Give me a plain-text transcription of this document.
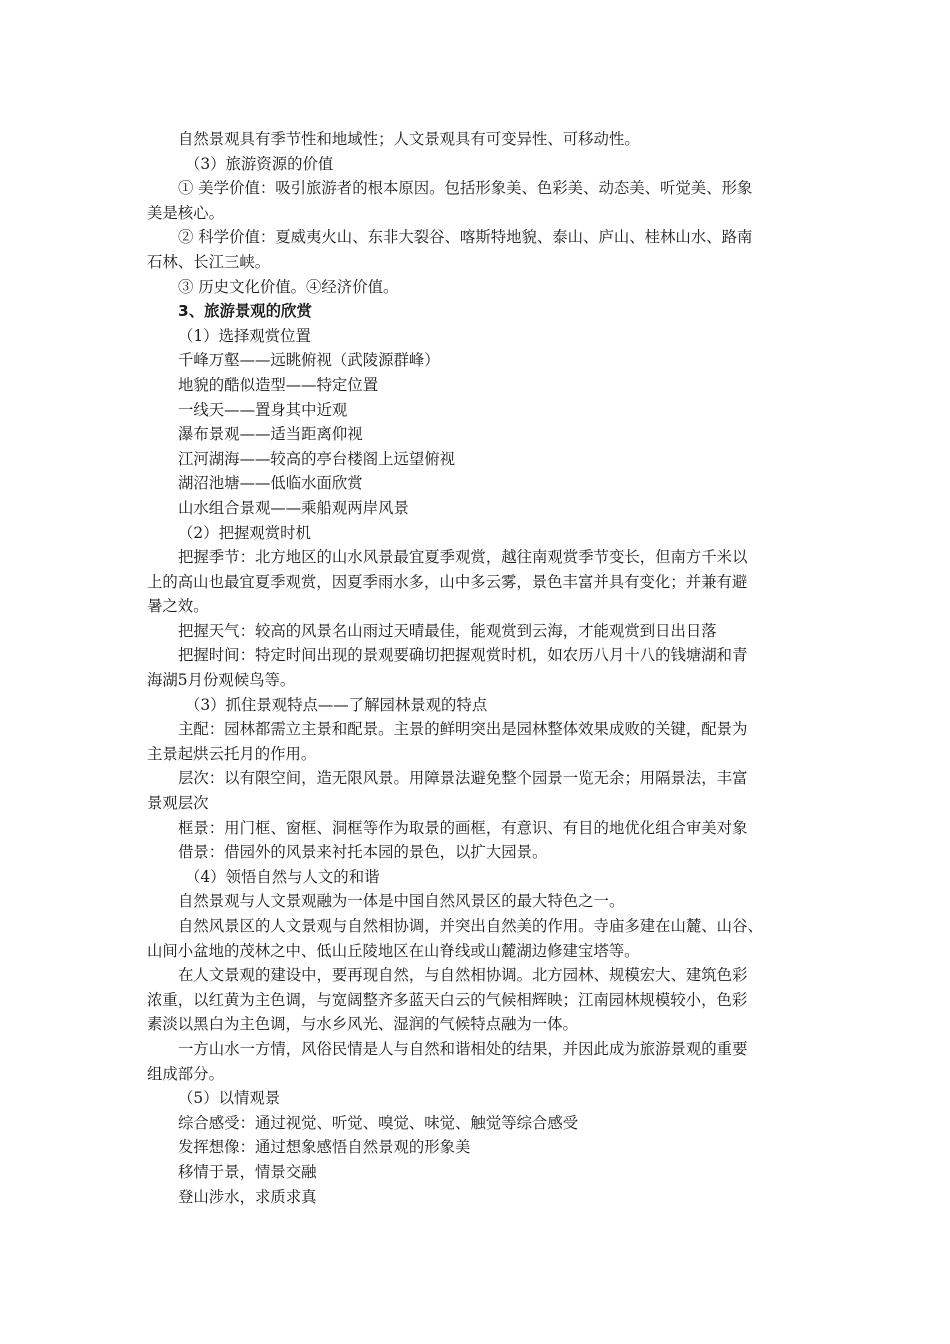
自然景观具有季节性和地域性；人文景观具有可变异性、可移动性。
（3）旅游资源的价值
① 美学价值：吸引旅游者的根本原因。包括形象美、色彩美、动态美、听觉美、形象
美是核心。
② 科学价值：夏威夷火山、东非大裂谷、喀斯特地貌、泰山、庐山、桂林山水、路南
石林、长江三峡。
③ 历史文化价值。④经济价值。
3、旅游景观的欣赏
（1）选择观赏位置
千峰万壑——远眺俯视（武陵源群峰）
地貌的酷似造型——特定位置
一线天——置身其中近观
瀑布景观——适当距离仰视
江河湖海——较高的亭台楼阁上远望俯视
湖沼池塘——低临水面欣赏
山水组合景观——乘船观两岸风景
（2）把握观赏时机
把握季节：北方地区的山水风景最宜夏季观赏，越往南观赏季节变长，但南方千米以
上的高山也最宜夏季观赏，因夏季雨水多，山中多云雾，景色丰富并具有变化；并兼有避
暑之效。
把握天气：较高的风景名山雨过天晴最佳，能观赏到云海，才能观赏到日出日落
把握时间：特定时间出现的景观要确切把握观赏时机，如农历八月十八的钱塘湖和青
海湖5月份观候鸟等。
（3）抓住景观特点——了解园林景观的特点
主配：园林都需立主景和配景。主景的鲜明突出是园林整体效果成败的关键，配景为
主景起烘云托月的作用。
层次：以有限空间，造无限风景。用障景法避免整个园景一览无余；用隔景法，丰富
景观层次
框景：用门框、窗框、洞框等作为取景的画框，有意识、有目的地优化组合审美对象
借景：借园外的风景来衬托本园的景色，以扩大园景。
（4）领悟自然与人文的和谐
自然景观与人文景观融为一体是中国自然风景区的最大特色之一。
自然风景区的人文景观与自然相协调，并突出自然美的作用。寺庙多建在山麓、山谷、
山间小盆地的茂林之中、低山丘陵地区在山脊线或山麓湖边修建宝塔等。
在人文景观的建设中，要再现自然，与自然相协调。北方园林、规模宏大、建筑色彩
浓重，以红黄为主色调，与宽阔整齐多蓝天白云的气候相辉映；江南园林规模较小，色彩
素淡以黑白为主色调，与水乡风光、湿润的气候特点融为一体。
一方山水一方情，风俗民情是人与自然和谐相处的结果，并因此成为旅游景观的重要
组成部分。
（5）以情观景
综合感受：通过视觉、听觉、嗅觉、味觉、触觉等综合感受
发挥想像：通过想象感悟自然景观的形象美
移情于景，情景交融
登山涉水，求质求真
